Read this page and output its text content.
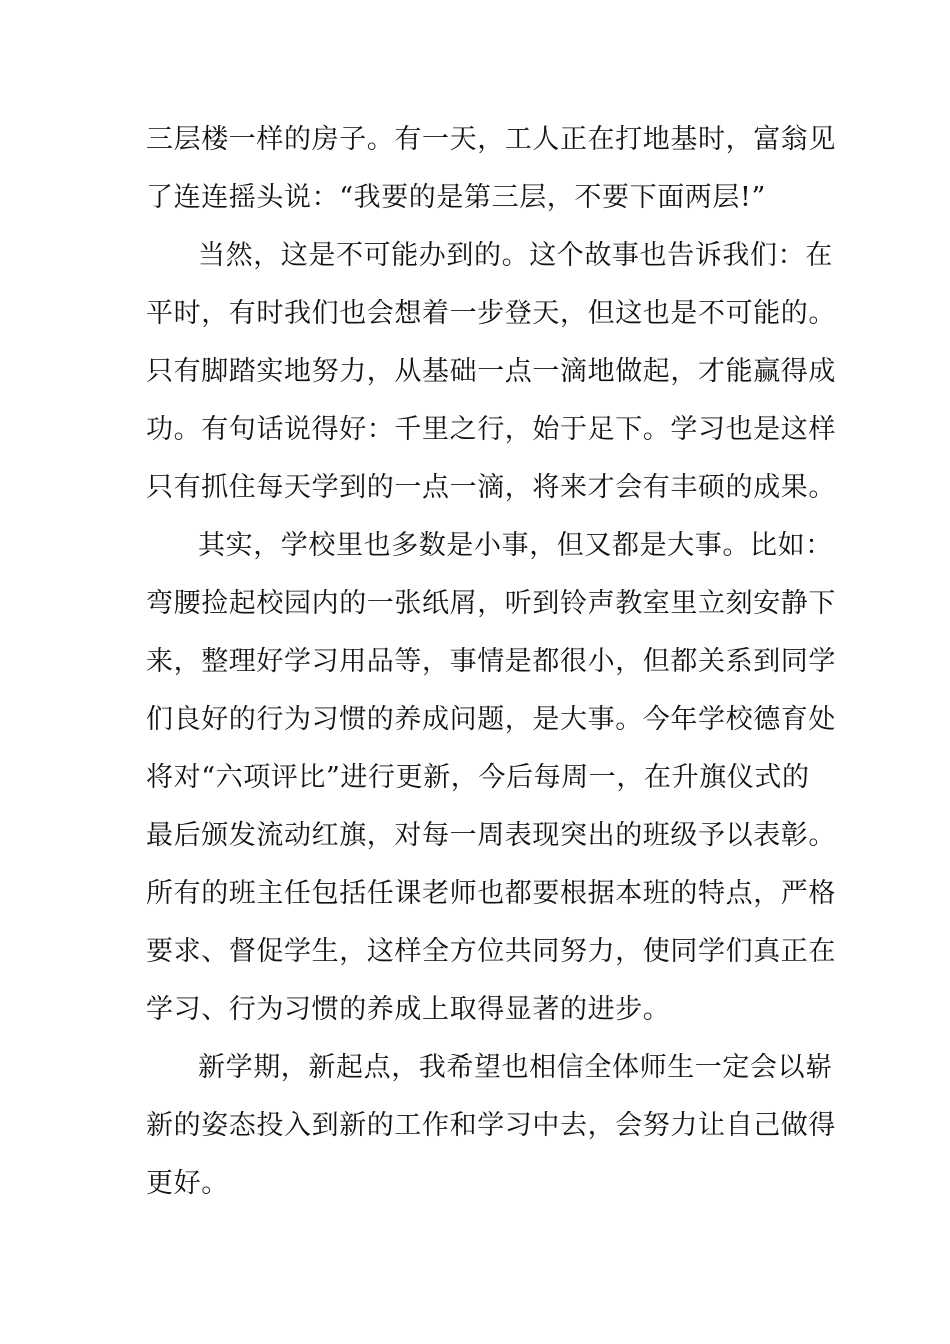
三层楼一样的房子。有一天，工人正在打地基时，富翁见
了连连摇头说：“我要的是第三层，不要下面两层!”
当然，这是不可能办到的。这个故事也告诉我们：在
平时，有时我们也会想着一步登天，但这也是不可能的。
只有脚踏实地努力，从基础一点一滴地做起，才能赢得成
功。有句话说得好：千里之行，始于足下。学习也是这样
只有抓住每天学到的一点一滴，将来才会有丰硕的成果。
其实，学校里也多数是小事，但又都是大事。比如：
弯腰捡起校园内的一张纸屑，听到铃声教室里立刻安静下
来，整理好学习用品等，事情是都很小，但都关系到同学
们良好的行为习惯的养成问题，是大事。今年学校德育处
将对“六项评比”进行更新，今后每周一，在升旗仪式的
最后颁发流动红旗，对每一周表现突出的班级予以表彰。
所有的班主任包括任课老师也都要根据本班的特点，严格
要求、督促学生，这样全方位共同努力，使同学们真正在
学习、行为习惯的养成上取得显著的进步。
新学期，新起点，我希望也相信全体师生一定会以崭
新的姿态投入到新的工作和学习中去，会努力让自己做得
更好。
